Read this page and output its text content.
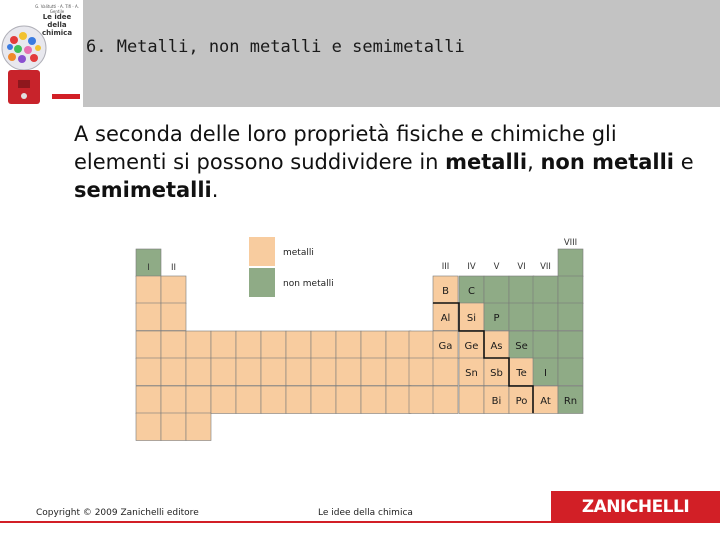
G. Valitutti · A. Tifi · A. Gentile
Le idee della chimica
6. Metalli, non metalli e semimetalli
A seconda delle loro proprietà fisiche e chimiche gli elementi si possono suddividere in metalli, non metalli e semimetalli.
metalli
non metalli
I II	III IV V VI VII
VIII
B C
Al Si P
Ga Ge As Se
Sn Sb Te I
Bi Po At Rn
Copyright © 2009 Zanichelli editore	Le idee della chimica	ZANICHELLI
